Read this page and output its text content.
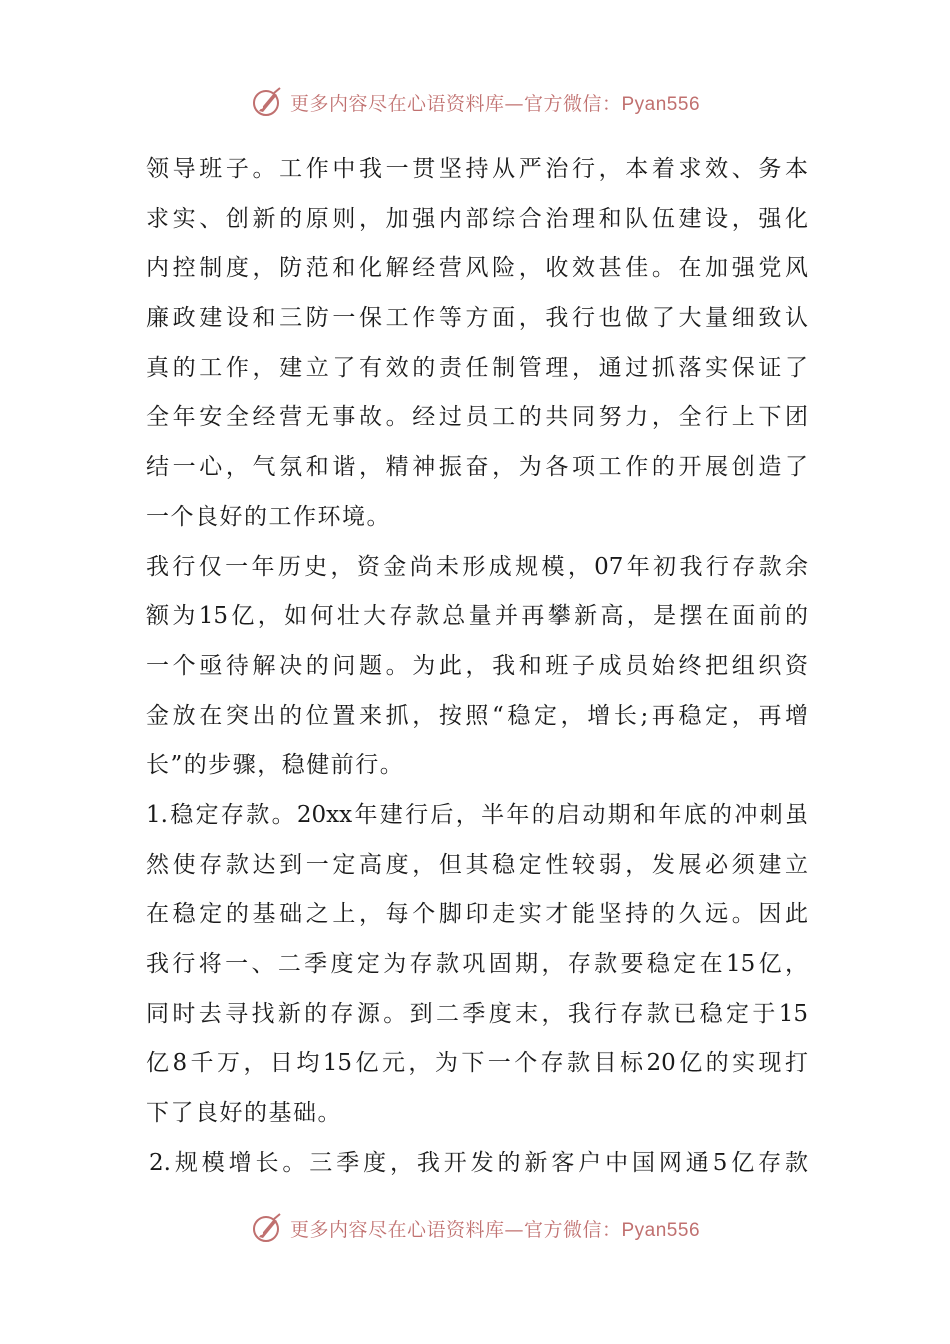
更多内容尽在心语资料库—官方微信：Pyan556
领导班子。工作中我一贯坚持从严治行，本着求效、务本
求实、创新的原则，加强内部综合治理和队伍建设，强化
内控制度，防范和化解经营风险，收效甚佳。在加强党风
廉政建设和三防一保工作等方面，我行也做了大量细致认
真的工作，建立了有效的责任制管理，通过抓落实保证了
全年安全经营无事故。经过员工的共同努力，全行上下团
结一心，气氛和谐，精神振奋，为各项工作的开展创造了
一个良好的工作环境。
我行仅一年历史，资金尚未形成规模，07年初我行存款余
额为15亿，如何壮大存款总量并再攀新高，是摆在面前的
一个亟待解决的问题。为此，我和班子成员始终把组织资
金放在突出的位置来抓，按照“稳定，增长;再稳定，再增
长”的步骤，稳健前行。
1.稳定存款。20xx年建行后，半年的启动期和年底的冲刺虽
然使存款达到一定高度，但其稳定性较弱，发展必须建立
在稳定的基础之上，每个脚印走实才能坚持的久远。因此
我行将一、二季度定为存款巩固期，存款要稳定在15亿，
同时去寻找新的存源。到二季度末，我行存款已稳定于15
亿8千万，日均15亿元，为下一个存款目标20亿的实现打
下了良好的基础。
2.规模增长。三季度，我开发的新客户中国网通5亿存款
更多内容尽在心语资料库—官方微信：Pyan556
